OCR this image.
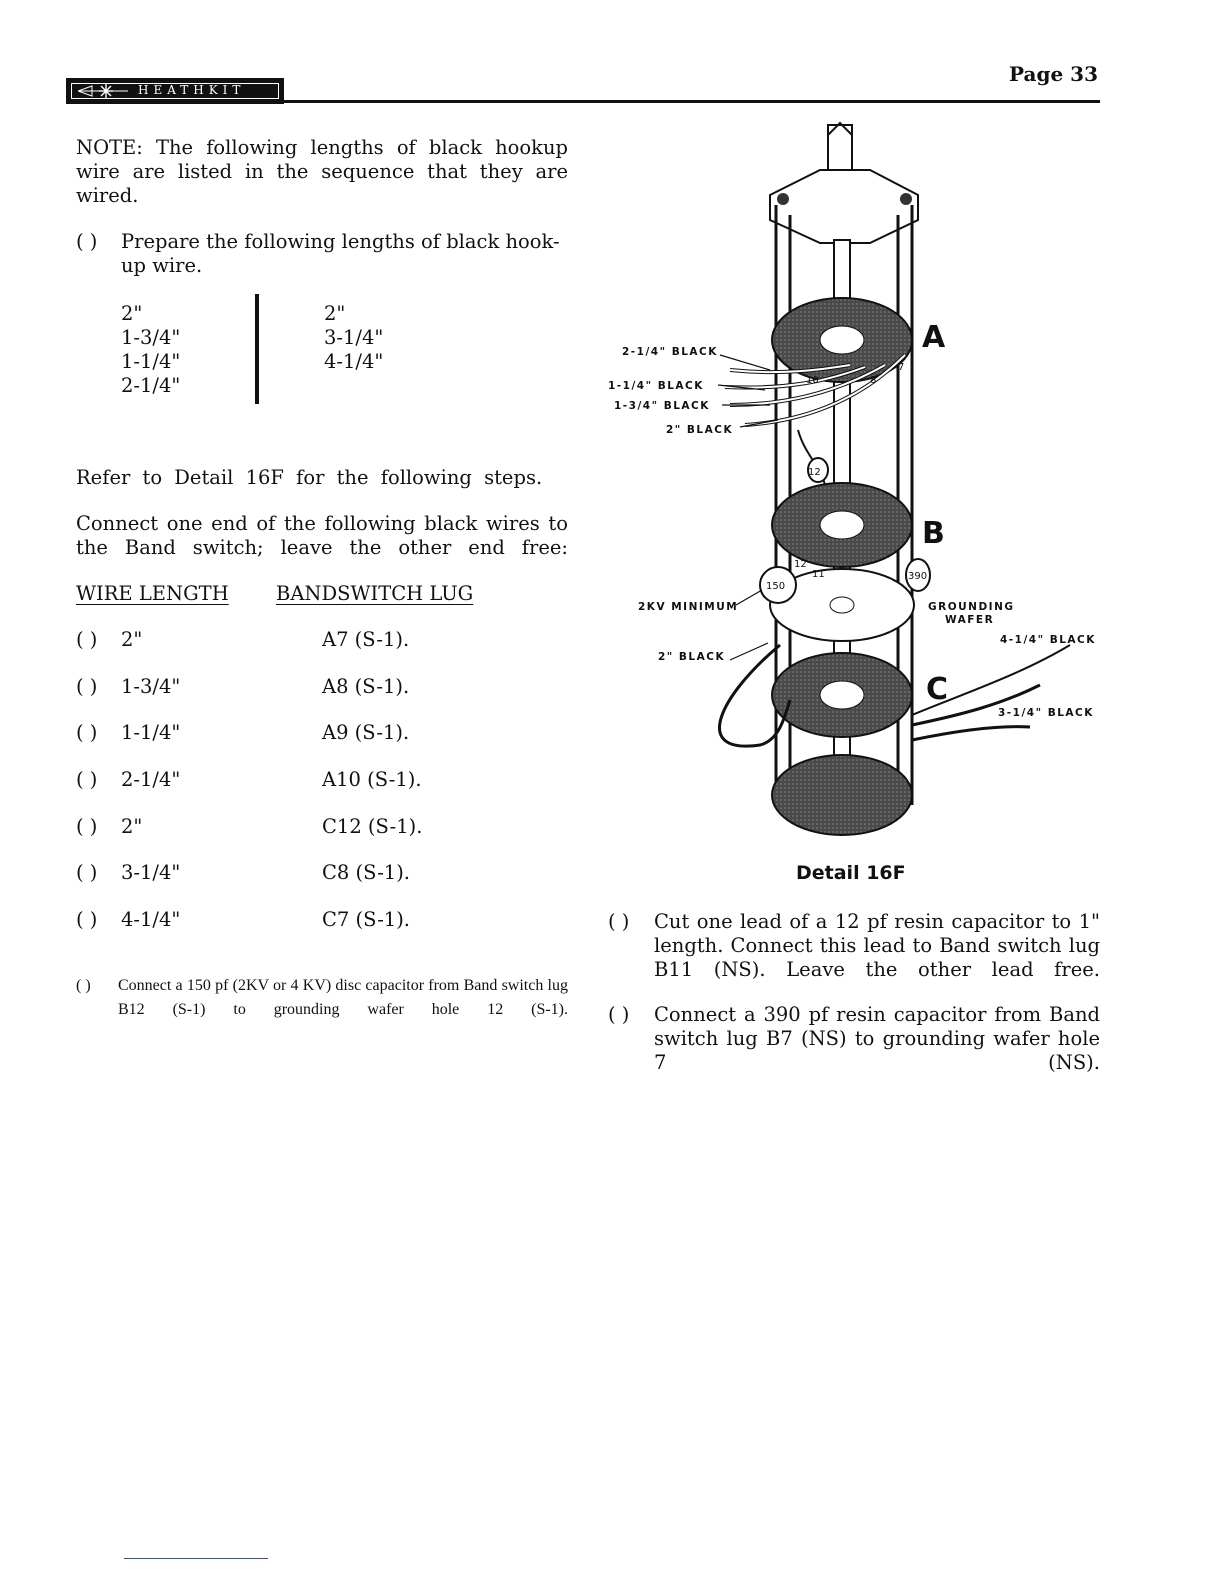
HEATHKIT
Page 33
NOTE: The following lengths of black hookup wire are listed in the sequence that they are wired.
( ) Prepare the following lengths of black hook-up wire.
2"
1-3/4"
1-1/4"
2-1/4"
2"
3-1/4"
4-1/4"
Refer to Detail 16F for the following steps.
Connect one end of the following black wires to the Band switch; leave the other end free:
WIRE LENGTH BANDSWITCH LUG
( ) 2"	A7 (S-1).
( ) 1-3/4"	A8 (S-1).
( ) 1-1/4"	A9 (S-1).
( ) 2-1/4"	A10 (S-1).
( ) 2"	C12 (S-1).
( ) 3-1/4"	C8 (S-1).
( ) 4-1/4"	C7 (S-1).
( ) Connect a 150 pf (2KV or 4 KV) disc capacitor from Band switch lug B12 (S-1) to grounding wafer hole 12 (S-1).
2-1/4" BLACK
1-1/4" BLACK
1-3/4" BLACK
2" BLACK
2KV MINIMUM
2" BLACK
GROUNDING
WAFER
4-1/4" BLACK
3-1/4" BLACK
A
B
C
150
390
12
10	8
7
12
11
Detail 16F
( ) Cut one lead of a 12 pf resin capacitor to 1" length. Connect this lead to Band switch lug B11 (NS). Leave the other lead free.
( ) Connect a 390 pf resin capacitor from Band switch lug B7 (NS) to grounding wafer hole 7 (NS).
